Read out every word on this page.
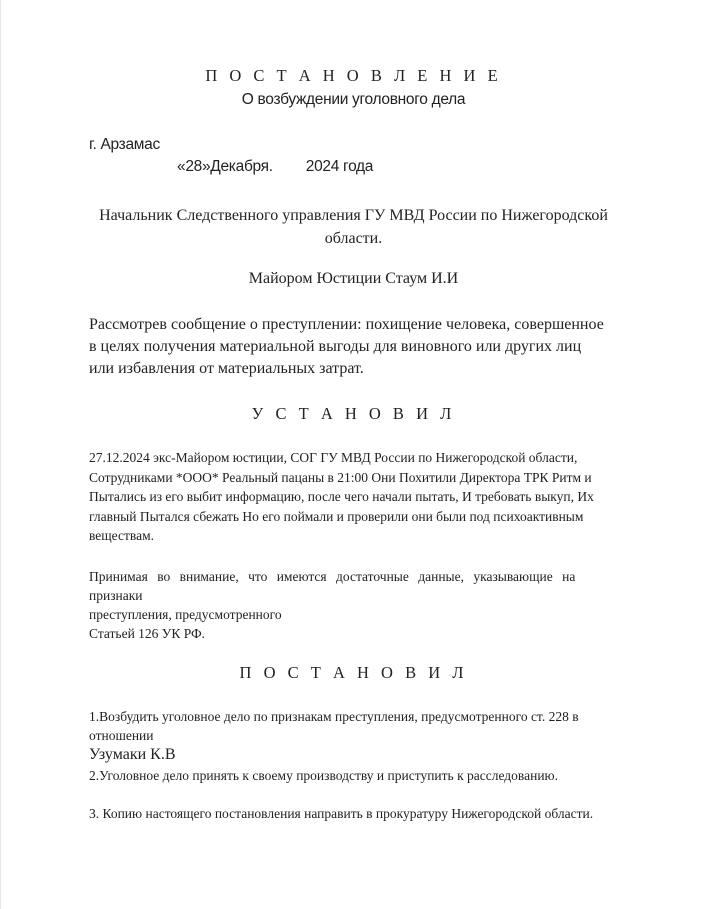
П О С Т А Н О В Л Е Н И Е
О возбуждении уголовного дела
г. Арзамас
«28»Декабря. 2024 года
Начальник Следственного управления ГУ МВД России по Нижегородской
области.
Майором Юстиции Стаум И.И
Рассмотрев сообщение о преступлении: похищение человека, совершенное
в целях получения материальной выгоды для виновного или других лиц
или избавления от материальных затрат.
У С Т А Н О В И Л
27.12.2024 экс-Майором юстиции, СОГ ГУ МВД России по Нижегородской области,
Сотрудниками *ООО* Реальный пацаны в 21:00 Они Похитили Директора ТРК Ритм и
Пытались из его выбит информацию, после чего начали пытать, И требовать выкуп, Их
главный Пытался сбежать Но его поймали и проверили они были под психоактивным
веществам.
Принимая во внимание, что имеются достаточные данные, указывающие на
признаки
преступления, предусмотренного
Статьей 126 УК РФ.
П О С Т А Н О В И Л
1.Возбудить уголовное дело по признакам преступления, предусмотренного ст. 228 в
отношении
Узумаки К.В
2.Уголовное дело принять к своему производству и приступить к расследованию.
3. Копию настоящего постановления направить в прокуратуру Нижегородской области.
